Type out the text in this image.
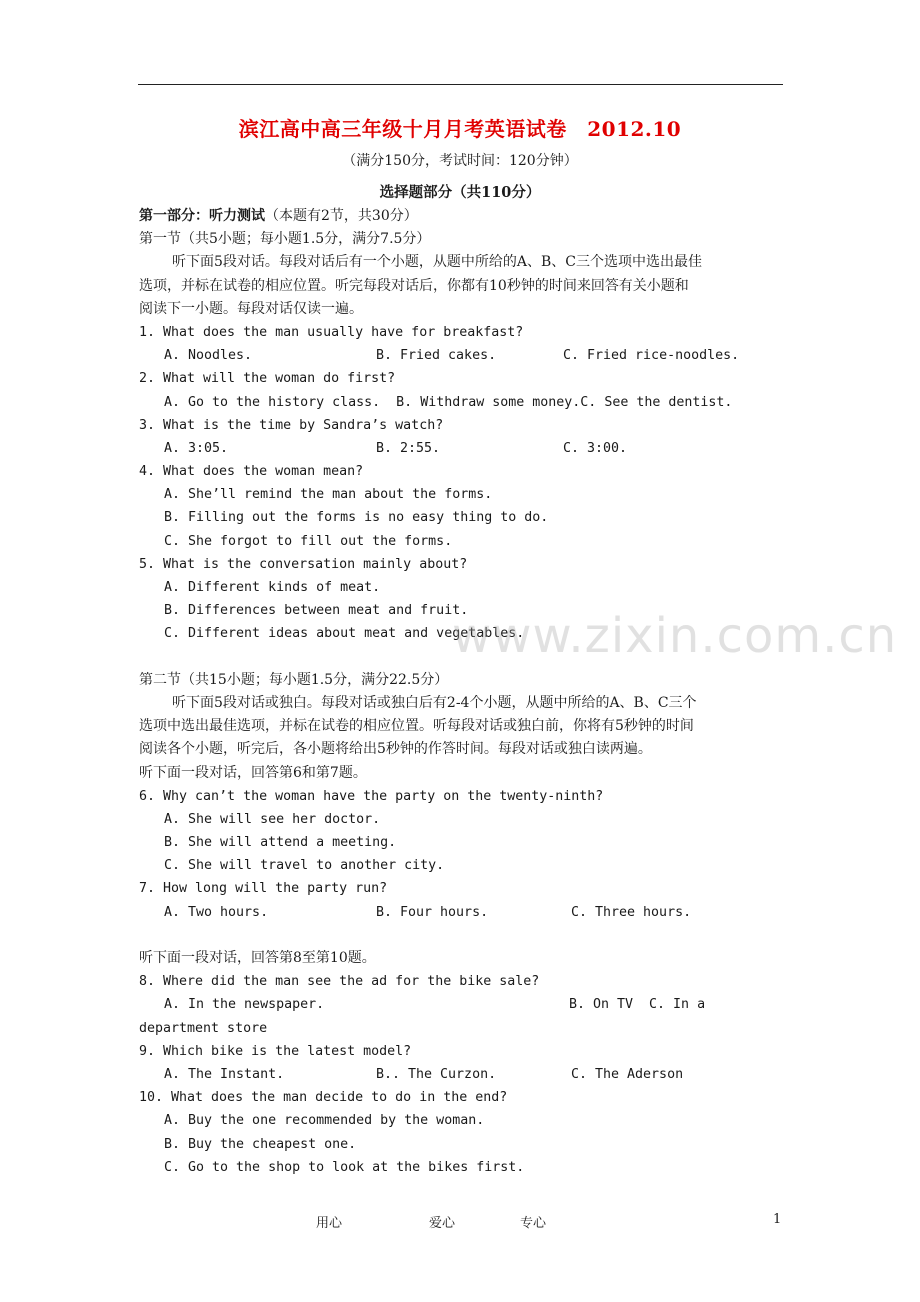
滨江高中高三年级十月月考英语试卷　2012.10
（满分150分，考试时间：120分钟）
选择题部分（共110分）
第一部分：听力测试（本题有2节，共30分）
第一节（共5小题；每小题1.5分，满分7.5分）
听下面5段对话。每段对话后有一个小题，从题中所给的A、B、C三个选项中选出最佳
选项，并标在试卷的相应位置。听完每段对话后，你都有10秒钟的时间来回答有关小题和
阅读下一小题。每段对话仅读一遍。
1. What does the man usually have for breakfast?
A. Noodles.	B. Fried cakes.	C. Fried rice-noodles.
2. What will the woman do first?
A. Go to the history class. B. Withdraw some money.C. See the dentist.
3. What is the time by Sandra’s watch?
A. 3:05.	B. 2:55.	C. 3:00.
4. What does the woman mean?
A. She’ll remind the man about the forms.
B. Filling out the forms is no easy thing to do.
C. She forgot to fill out the forms.
5. What is the conversation mainly about?
A. Different kinds of meat.
B. Differences between meat and fruit.
C. Different ideas about meat and vegetables.
第二节（共15小题；每小题1.5分，满分22.5分）
听下面5段对话或独白。每段对话或独白后有2-4个小题，从题中所给的A、B、C三个
选项中选出最佳选项，并标在试卷的相应位置。听每段对话或独白前，你将有5秒钟的时间
阅读各个小题，听完后，各小题将给出5秒钟的作答时间。每段对话或独白读两遍。
听下面一段对话，回答第6和第7题。
6. Why can’t the woman have the party on the twenty-ninth?
A. She will see her doctor.
B. She will attend a meeting.
C. She will travel to another city.
7. How long will the party run?
A. Two hours.	B. Four hours.	C. Three hours.
听下面一段对话，回答第8至第10题。
8. Where did the man see the ad for the bike sale?
A. In the newspaper.	B. On TV	C. In a
department store
9. Which bike is the latest model?
A. The Instant.	B.. The Curzon.	C. The Aderson
10. What does the man decide to do in the end?
A. Buy the one recommended by the woman.
B. Buy the cheapest one.
C. Go to the shop to look at the bikes first.
www.zixin.com.cn
用心	爱心	专心	1
